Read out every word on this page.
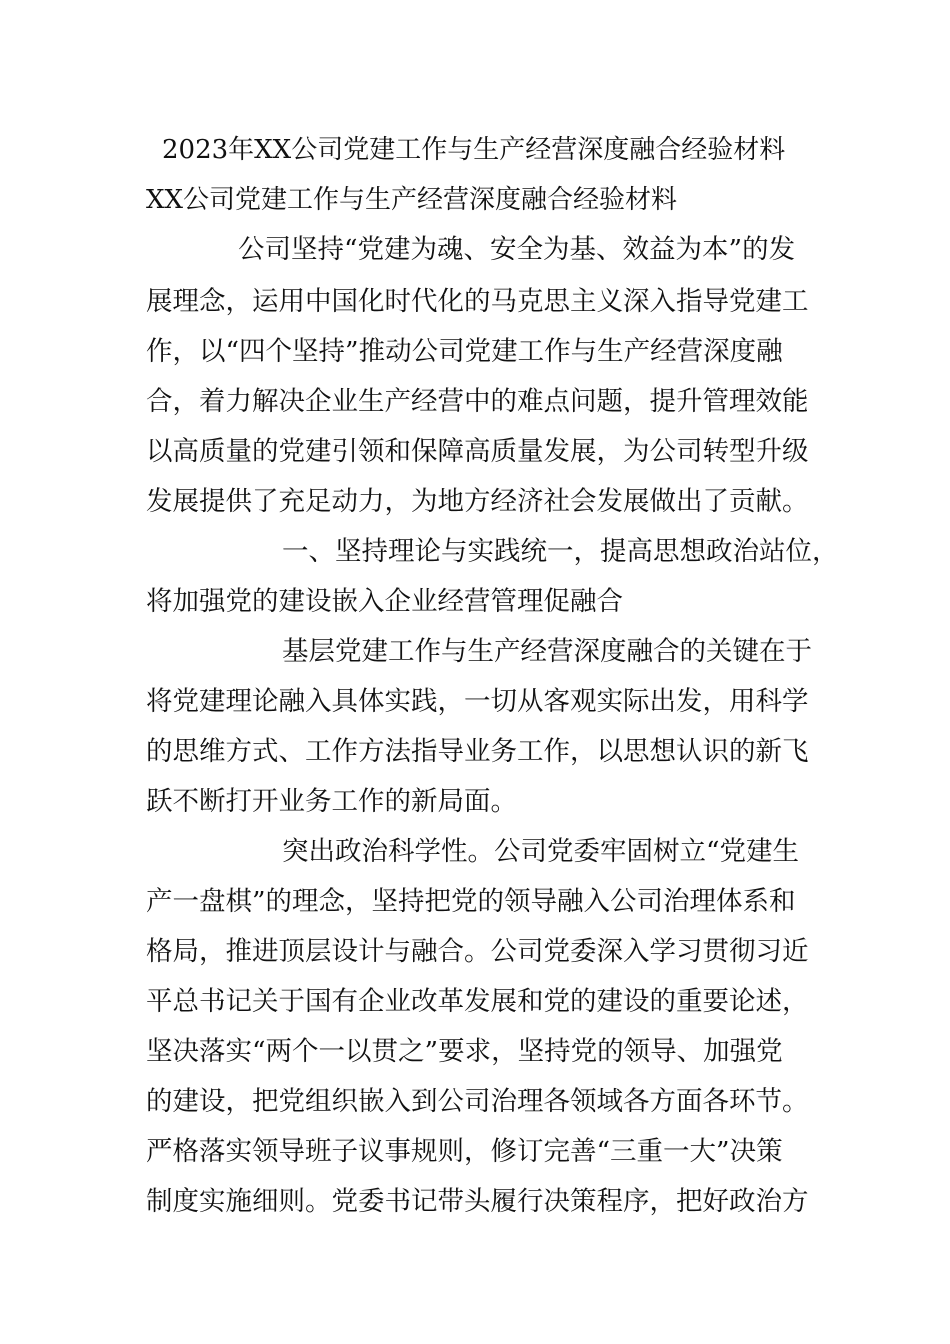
2023年XX公司党建工作与生产经营深度融合经验材料
XX公司党建工作与生产经营深度融合经验材料
公司坚持“党建为魂、安全为基、效益为本”的发
展理念，运用中国化时代化的马克思主义深入指导党建工
作，以“四个坚持”推动公司党建工作与生产经营深度融
合，着力解决企业生产经营中的难点问题，提升管理效能
以高质量的党建引领和保障高质量发展，为公司转型升级
发展提供了充足动力，为地方经济社会发展做出了贡献。
一、坚持理论与实践统一，提高思想政治站位，
将加强党的建设嵌入企业经营管理促融合
基层党建工作与生产经营深度融合的关键在于
将党建理论融入具体实践，一切从客观实际出发，用科学
的思维方式、工作方法指导业务工作，以思想认识的新飞
跃不断打开业务工作的新局面。
突出政治科学性。公司党委牢固树立“党建生
产一盘棋”的理念，坚持把党的领导融入公司治理体系和
格局，推进顶层设计与融合。公司党委深入学习贯彻习近
平总书记关于国有企业改革发展和党的建设的重要论述，
坚决落实“两个一以贯之”要求，坚持党的领导、加强党
的建设，把党组织嵌入到公司治理各领域各方面各环节。
严格落实领导班子议事规则，修订完善“三重一大”决策
制度实施细则。党委书记带头履行决策程序，把好政治方
